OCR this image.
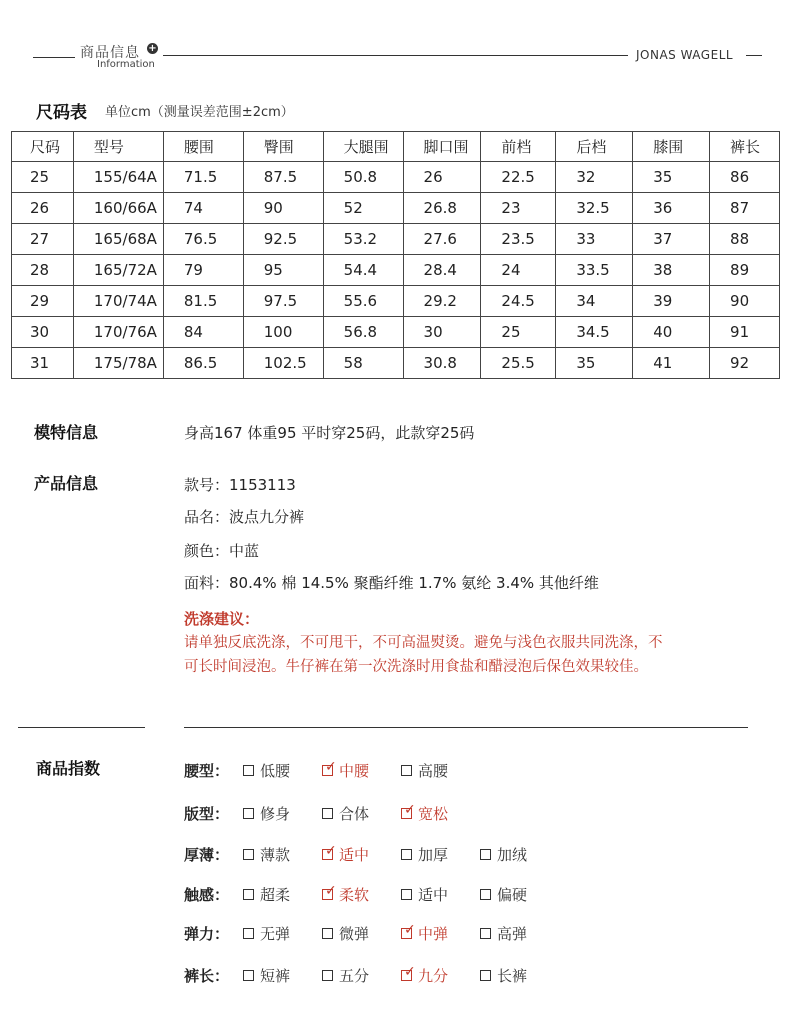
商品信息 +
Information
JONAS WAGELL
尺码表 单位cm（测量误差范围±2cm）
尺码	型号	腰围	臀围	大腿围	脚口围	前档	后档	膝围	裤长
25	155/64A	71.5	87.5	50.8	26	22.5	32	35	86
26	160/66A	74	90	52	26.8	23	32.5	36	87
27	165/68A	76.5	92.5	53.2	27.6	23.5	33	37	88
28	165/72A	79	95	54.4	28.4	24	33.5	38	89
29	170/74A	81.5	97.5	55.6	29.2	24.5	34	39	90
30	170/76A	84	100	56.8	30	25	34.5	40	91
31	175/78A	86.5	102.5	58	30.8	25.5	35	41	92
模特信息	身高167 体重95 平时穿25码，此款穿25码
产品信息	款号：1153113
品名：波点九分裤
颜色：中蓝
面料：80.4% 棉 14.5% 聚酯纤维 1.7% 氨纶 3.4% 其他纤维
洗涤建议：
请单独反底洗涤，不可甩干，不可高温熨烫。避免与浅色衣服共同洗涤，不可长时间浸泡。牛仔裤在第一次洗涤时用食盐和醋浸泡后保色效果较佳。
商品指数	腰型： 低腰 ✓ 中腰	高腰
版型： 修身	合体 ✓ 宽松
厚薄： 薄款 ✓ 适中	加厚	加绒
触感： 超柔 ✓ 柔软	适中	偏硬
弹力： 无弹	微弹 ✓ 中弹	高弹
裤长： 短裤	五分 ✓ 九分	长裤
